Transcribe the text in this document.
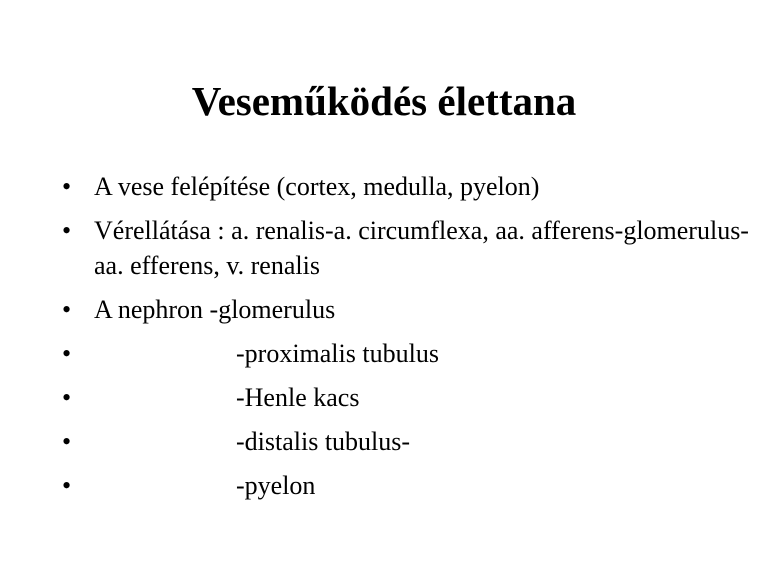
Veseműködés élettana
• A vese felépítése (cortex, medulla, pyelon)
• Vérellátása : a. renalis-a. circumflexa, aa. afferens-glomerulus-aa. efferens, v. renalis
• A nephron -glomerulus
•	-proximalis tubulus
•	-Henle kacs
•	-distalis tubulus-
•	-pyelon
